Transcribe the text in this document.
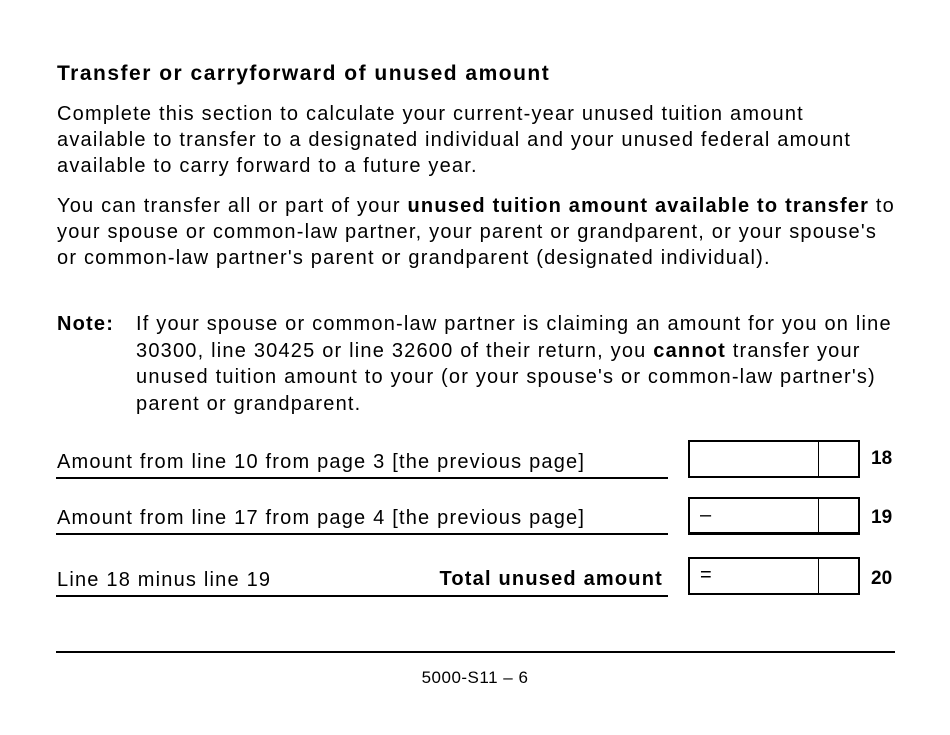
Transfer or carryforward of unused amount

Complete this section to calculate your current-year unused tuition amount available to transfer to a designated individual and your unused federal amount available to carry forward to a future year.

You can transfer all or part of your unused tuition amount available to transfer to your spouse or common-law partner, your parent or grandparent, or your spouse's or common-law partner's parent or grandparent (designated individual).

Note: If your spouse or common-law partner is claiming an amount for you on line 30300, line 30425 or line 32600 of their return, you cannot transfer your unused tuition amount to your (or your spouse's or common-law partner's) parent or grandparent.
Amount from line 10 from page 3 [the previous page]	18
Amount from line 17 from page 4 [the previous page]	–	19
Line 18 minus line 19	Total unused amount =	20
5000-S11 – 6
